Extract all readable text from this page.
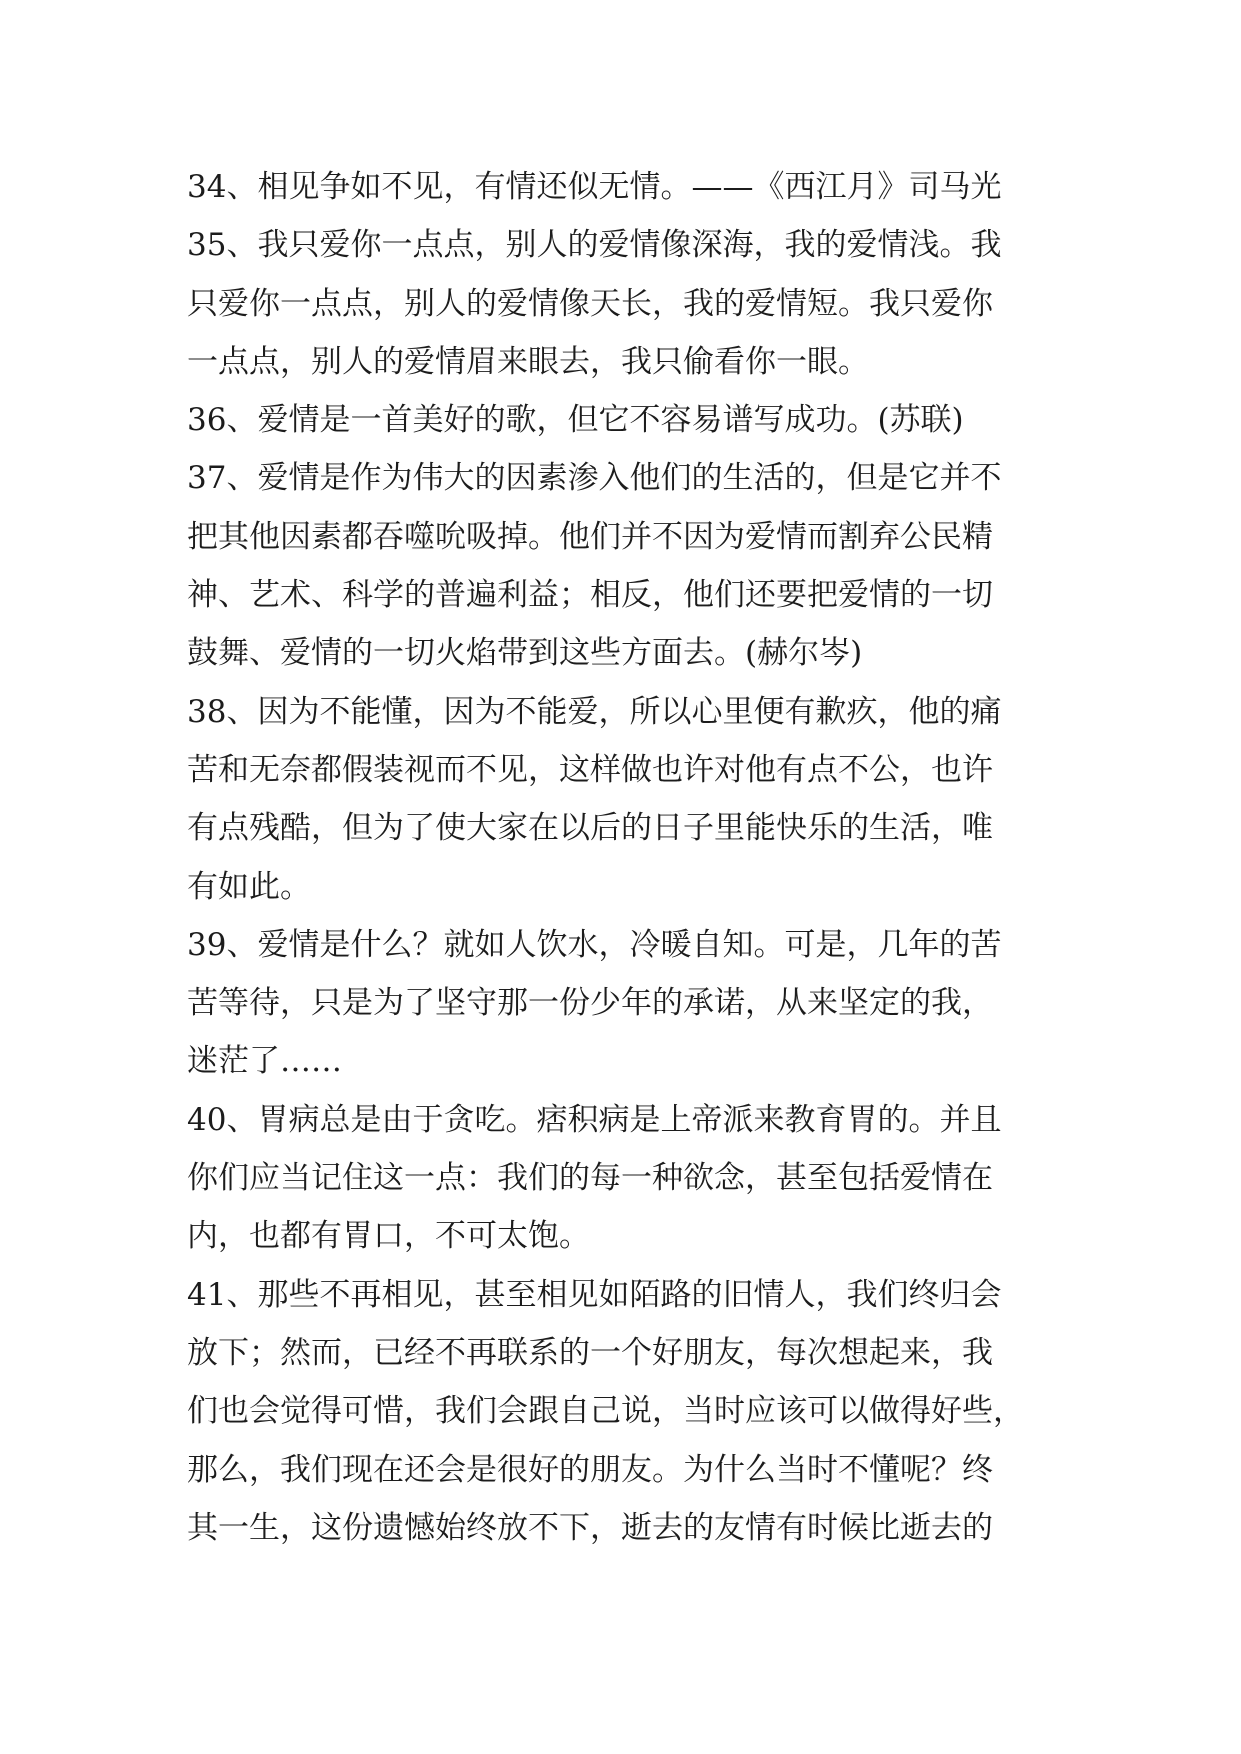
34、相见争如不见，有情还似无情。——《西江月》司马光
35、我只爱你一点点，别人的爱情像深海，我的爱情浅。我
只爱你一点点，别人的爱情像天长，我的爱情短。我只爱你
一点点，别人的爱情眉来眼去，我只偷看你一眼。
36、爱情是一首美好的歌，但它不容易谱写成功。(苏联)
37、爱情是作为伟大的因素渗入他们的生活的，但是它并不
把其他因素都吞噬吮吸掉。他们并不因为爱情而割弃公民精
神、艺术、科学的普遍利益；相反，他们还要把爱情的一切
鼓舞、爱情的一切火焰带到这些方面去。(赫尔岑)
38、因为不能懂，因为不能爱，所以心里便有歉疚，他的痛
苦和无奈都假装视而不见，这样做也许对他有点不公，也许
有点残酷，但为了使大家在以后的日子里能快乐的生活，唯
有如此。
39、爱情是什么？就如人饮水，冷暖自知。可是，几年的苦
苦等待，只是为了坚守那一份少年的承诺，从来坚定的我，
迷茫了……
40、胃病总是由于贪吃。痞积病是上帝派来教育胃的。并且
你们应当记住这一点：我们的每一种欲念，甚至包括爱情在
内，也都有胃口，不可太饱。
41、那些不再相见，甚至相见如陌路的旧情人，我们终归会
放下；然而，已经不再联系的一个好朋友，每次想起来，我
们也会觉得可惜，我们会跟自己说，当时应该可以做得好些，
那么，我们现在还会是很好的朋友。为什么当时不懂呢？终
其一生，这份遗憾始终放不下，逝去的友情有时候比逝去的
